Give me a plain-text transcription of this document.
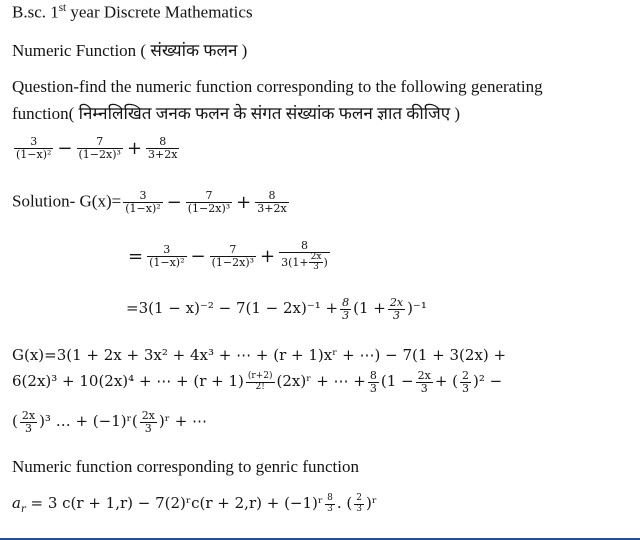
B.sc. 1st year Discrete Mathematics
Numeric Function ( संख्यांक फलन )
Question-find the numeric function corresponding to the following generating
function( निम्नलिखित जनक फलन के संगत संख्यांक फलन ज्ञात कीजिए )
$\frac{3}{\text{(1−x)²}} - \frac{7}{\text{(1−2x)³}} + \frac{8}{3+2x}$
Solution- $G(x)= \frac{3}{\text{(1−x)²}} - \frac{7}{\text{(1−2x)³}} + \frac{8}{3+2x}$
= $\frac{3}{\text{(1−x)²}} - \frac{7}{\text{(1−2x)³}} + \frac{8}{3(1+ \frac{2x}{3} )}$
$=3(1 - x)^{-2} - 7(1 - 2x)^{-1} + \frac{8}{3} (1 + \frac{2x}{3} )^{-1}$
G(x)=3(1 + 2x + 3x² + 4x³ + ⋯ + (r + 1)xʳ + ⋯) − 7(1 + 3(2x) +
6(2x)³ + 10(2x)⁴ + ⋯ + $(r + 1) \frac{(r+2)}{2!}$ (2x)ʳ + ⋯ + $\frac{8}{3} (1 - \frac{2x}{3}$ + ( $\frac{2}{3} )^2$ −
( $\frac{2x}{3} )^3$ … + (−1)ʳ( $\frac{2x}{3}$ )ʳ + ⋯
Numeric function corresponding to genric function
$a_r = 3$ c(r + 1,r) − 7(2)ʳc(r + 2,r) + (−1)ʳ $\frac{8}{3}$ . ( $\frac{2}{3}$ )ʳ
